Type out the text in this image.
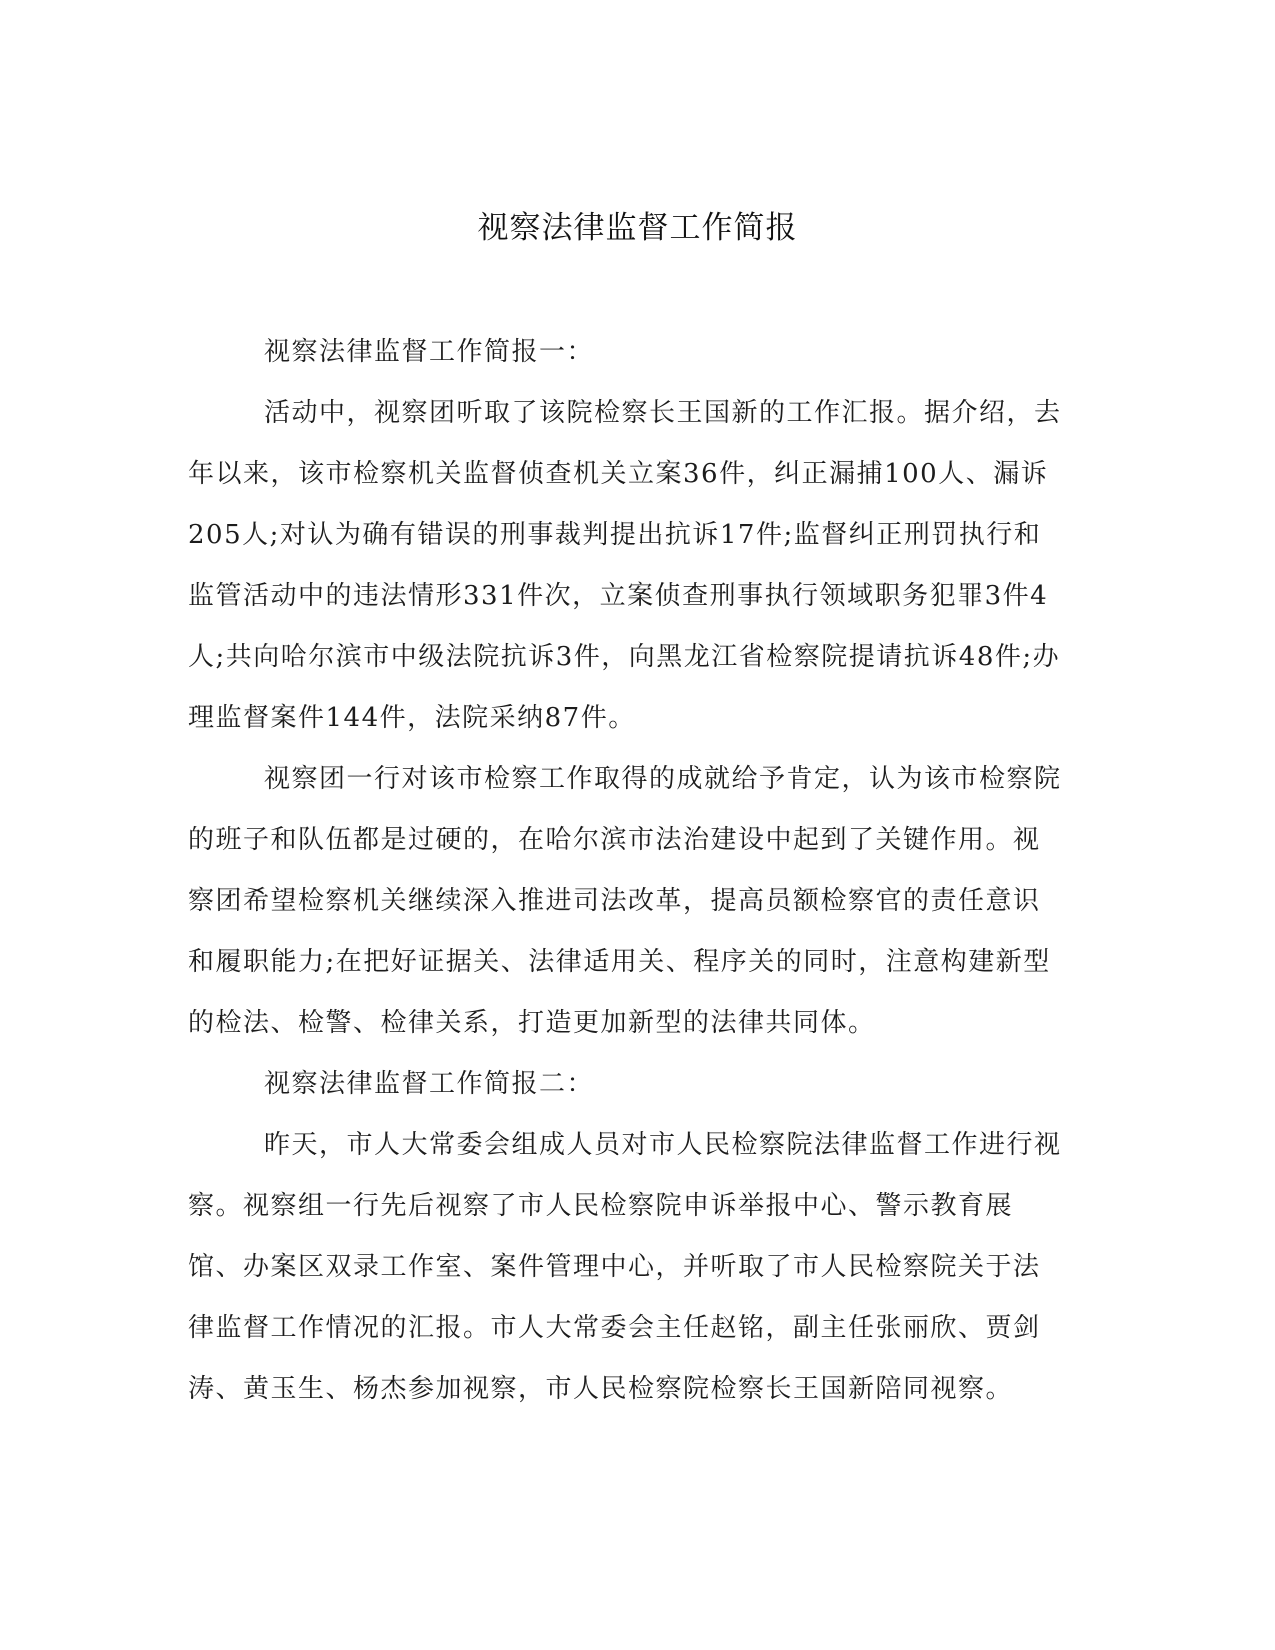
视察法律监督工作简报

视察法律监督工作简报一：

活动中，视察团听取了该院检察长王国新的工作汇报。据介绍，去年以来，该市检察机关监督侦查机关立案36件，纠正漏捕100人、漏诉205人;对认为确有错误的刑事裁判提出抗诉17件;监督纠正刑罚执行和监管活动中的违法情形331件次，立案侦查刑事执行领域职务犯罪3件4人;共向哈尔滨市中级法院抗诉3件，向黑龙江省检察院提请抗诉48件;办理监督案件144件，法院采纳87件。

视察团一行对该市检察工作取得的成就给予肯定，认为该市检察院的班子和队伍都是过硬的，在哈尔滨市法治建设中起到了关键作用。视察团希望检察机关继续深入推进司法改革，提高员额检察官的责任意识和履职能力;在把好证据关、法律适用关、程序关的同时，注意构建新型的检法、检警、检律关系，打造更加新型的法律共同体。

视察法律监督工作简报二：

昨天，市人大常委会组成人员对市人民检察院法律监督工作进行视察。视察组一行先后视察了市人民检察院申诉举报中心、警示教育展馆、办案区双录工作室、案件管理中心，并听取了市人民检察院关于法律监督工作情况的汇报。市人大常委会主任赵铭，副主任张丽欣、贾剑涛、黄玉生、杨杰参加视察，市人民检察院检察长王国新陪同视察。
